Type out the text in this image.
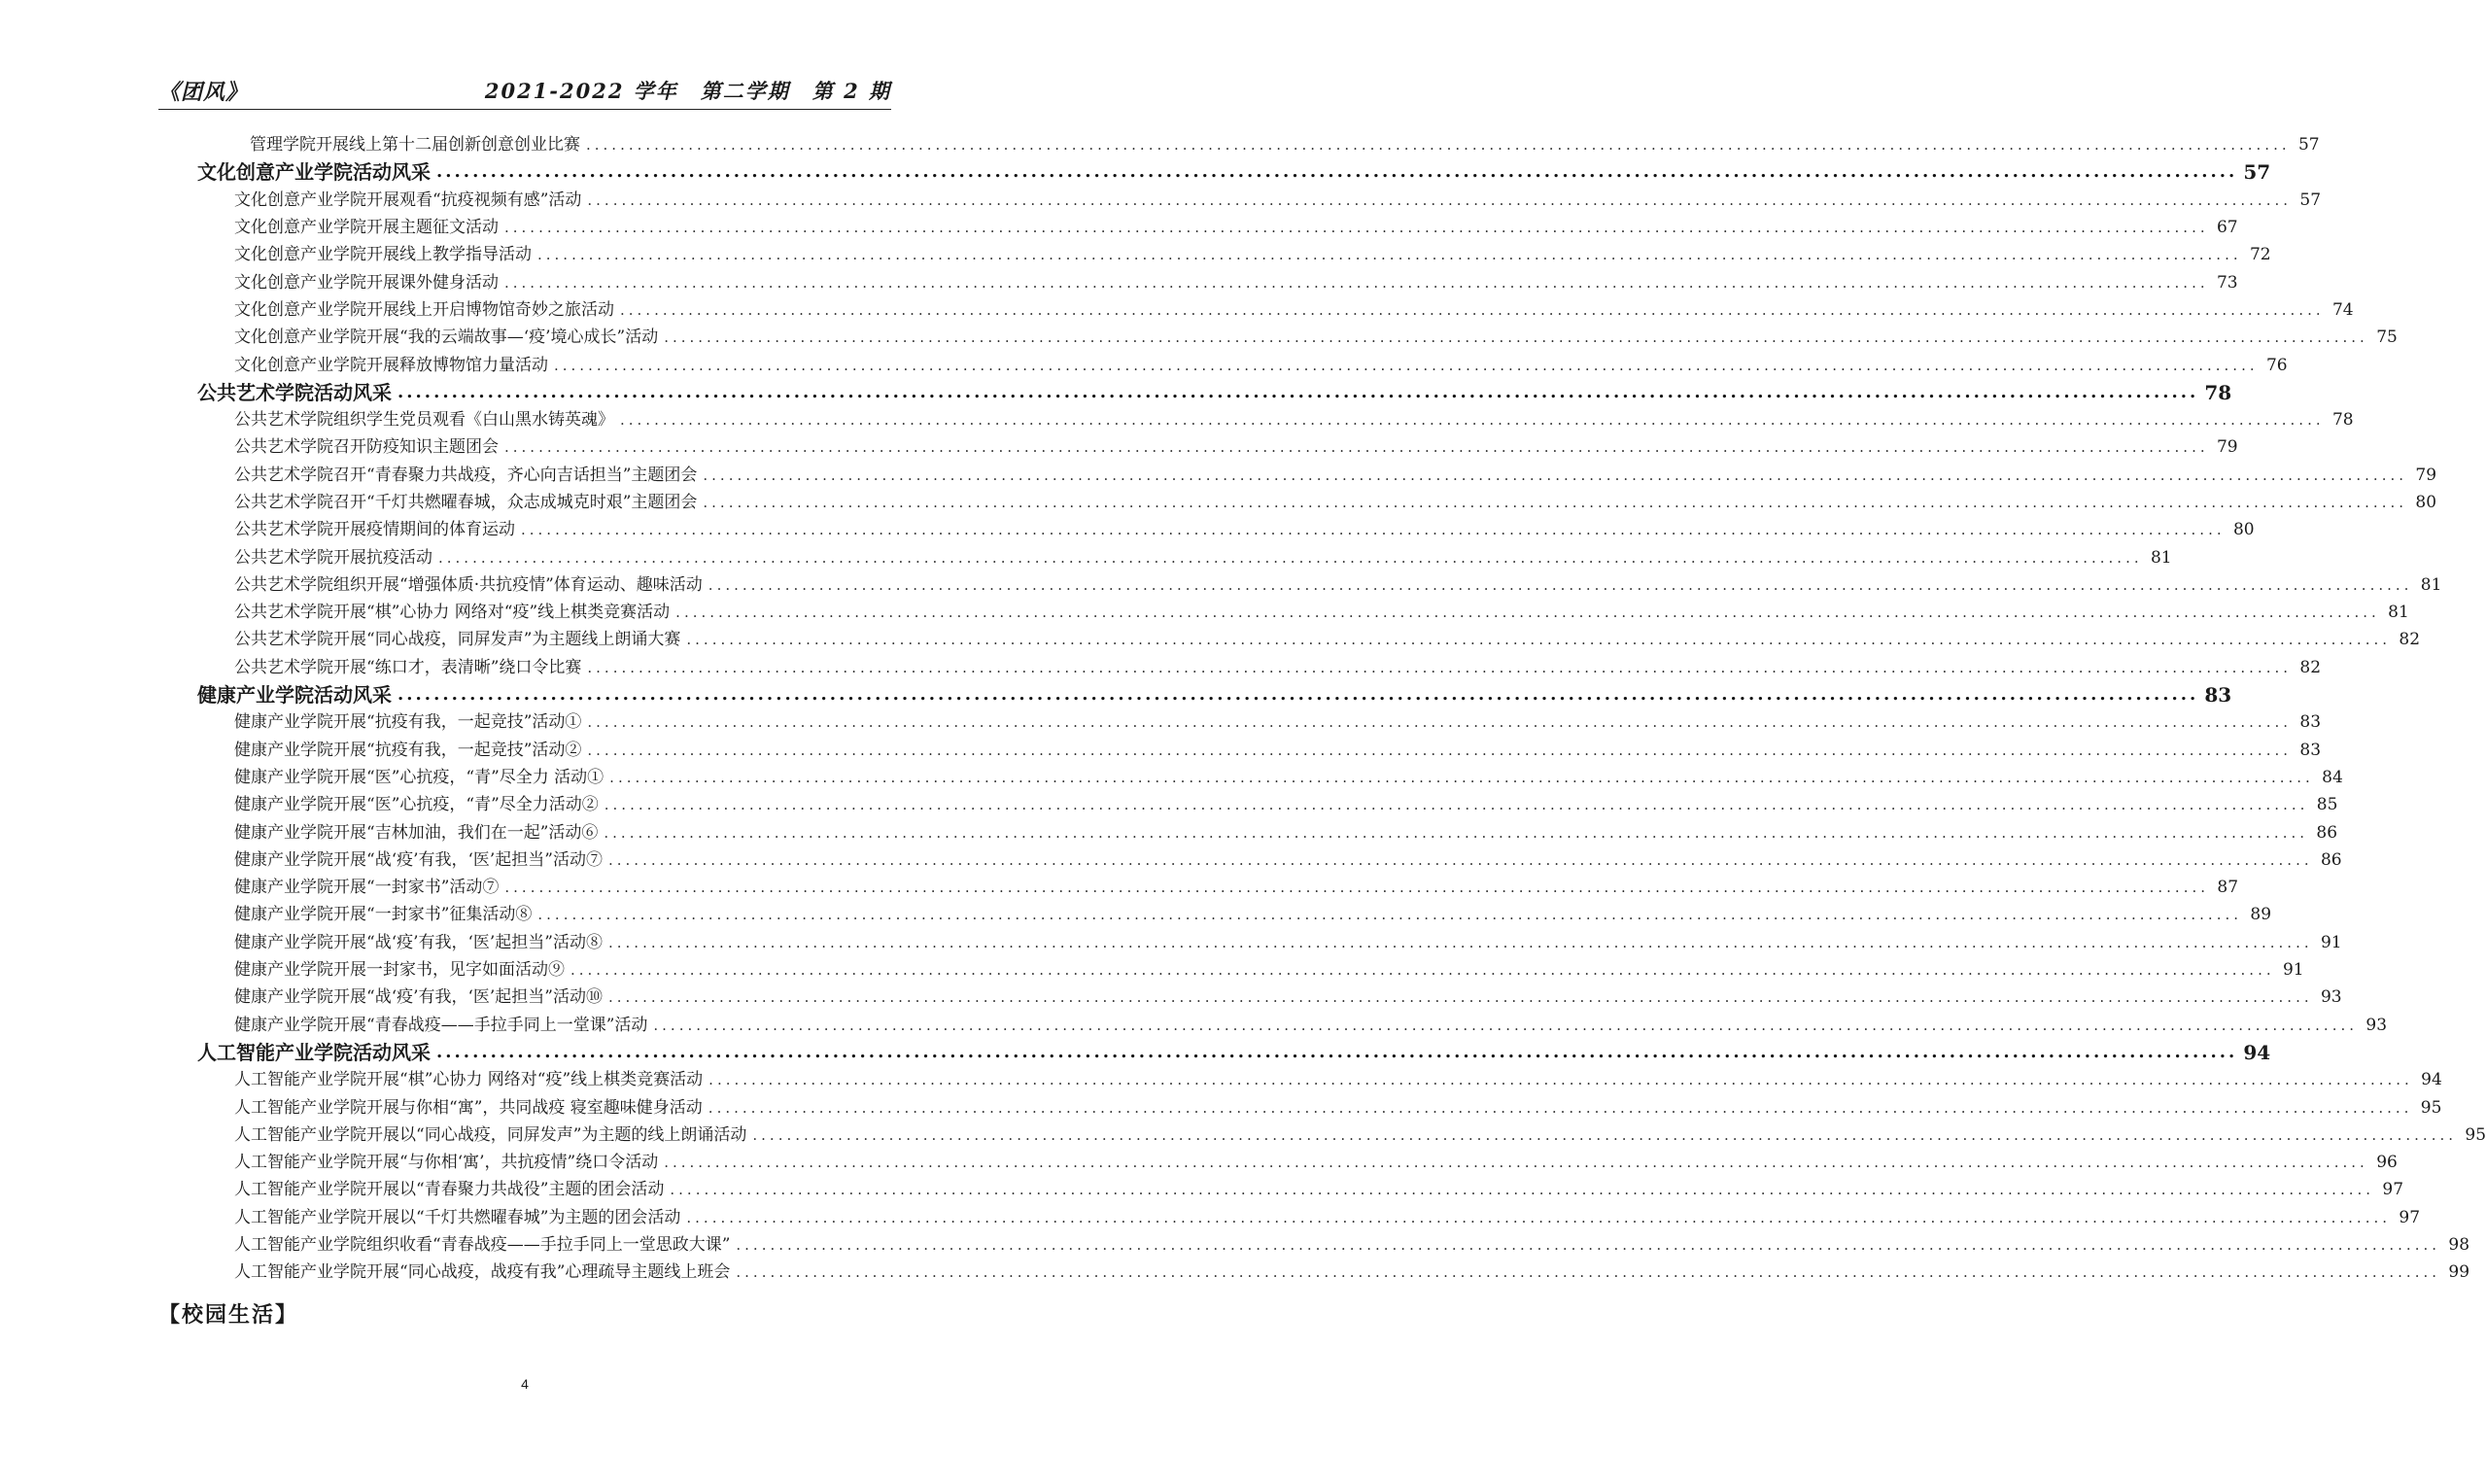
《团风》	2021-2022 学年　第二学期　第 2 期
管理学院开展线上第十二届创新创意创业比赛 ........................................................................................................................................................................................................ 57
文化创意产业学院活动风采 ........................................................................................................................................................................................................ 57
文化创意产业学院开展观看“抗疫视频有感”活动 ........................................................................................................................................................................................................ 57
文化创意产业学院开展主题征文活动 ........................................................................................................................................................................................................ 67
文化创意产业学院开展线上教学指导活动 ........................................................................................................................................................................................................ 72
文化创意产业学院开展课外健身活动 ........................................................................................................................................................................................................ 73
文化创意产业学院开展线上开启博物馆奇妙之旅活动 ........................................................................................................................................................................................................ 74
文化创意产业学院开展“我的云端故事—‘疫’境心成长”活动 ........................................................................................................................................................................................................ 75
文化创意产业学院开展释放博物馆力量活动 ........................................................................................................................................................................................................ 76
公共艺术学院活动风采 ........................................................................................................................................................................................................ 78
公共艺术学院组织学生党员观看《白山黑水铸英魂》 ........................................................................................................................................................................................................ 78
公共艺术学院召开防疫知识主题团会 ........................................................................................................................................................................................................ 79
公共艺术学院召开“青春聚力共战疫，齐心向吉话担当”主题团会 ........................................................................................................................................................................................................ 79
公共艺术学院召开“千灯共燃曜春城，众志成城克时艰”主题团会 ........................................................................................................................................................................................................ 80
公共艺术学院开展疫情期间的体育运动 ........................................................................................................................................................................................................ 80
公共艺术学院开展抗疫活动 ........................................................................................................................................................................................................ 81
公共艺术学院组织开展“增强体质·共抗疫情”体育运动、趣味活动 ........................................................................................................................................................................................................ 81
公共艺术学院开展“棋”心协力 网络对“疫”线上棋类竞赛活动 ........................................................................................................................................................................................................ 81
公共艺术学院开展“同心战疫，同屏发声”为主题线上朗诵大赛 ........................................................................................................................................................................................................ 82
公共艺术学院开展“练口才，表清晰”绕口令比赛 ........................................................................................................................................................................................................ 82
健康产业学院活动风采 ........................................................................................................................................................................................................ 83
健康产业学院开展“抗疫有我，一起竞技”活动① ........................................................................................................................................................................................................ 83
健康产业学院开展“抗疫有我，一起竞技”活动② ........................................................................................................................................................................................................ 83
健康产业学院开展“医”心抗疫，“青”尽全力 活动① ........................................................................................................................................................................................................ 84
健康产业学院开展“医”心抗疫，“青”尽全力活动② ........................................................................................................................................................................................................ 85
健康产业学院开展“吉林加油，我们在一起”活动⑥ ........................................................................................................................................................................................................ 86
健康产业学院开展“战‘疫’有我，‘医’起担当”活动⑦ ........................................................................................................................................................................................................ 86
健康产业学院开展“一封家书”活动⑦ ........................................................................................................................................................................................................ 87
健康产业学院开展“一封家书”征集活动⑧ ........................................................................................................................................................................................................ 89
健康产业学院开展“战‘疫’有我，‘医’起担当”活动⑧ ........................................................................................................................................................................................................ 91
健康产业学院开展一封家书，见字如面活动⑨ ........................................................................................................................................................................................................ 91
健康产业学院开展“战‘疫’有我，‘医’起担当”活动⑩ ........................................................................................................................................................................................................ 93
健康产业学院开展“青春战疫——手拉手同上一堂课”活动 ........................................................................................................................................................................................................ 93
人工智能产业学院活动风采 ........................................................................................................................................................................................................ 94
人工智能产业学院开展“棋”心协力 网络对“疫”线上棋类竞赛活动 ........................................................................................................................................................................................................ 94
人工智能产业学院开展与你相“寓”，共同战疫 寝室趣味健身活动 ........................................................................................................................................................................................................ 95
人工智能产业学院开展以“同心战疫，同屏发声”为主题的线上朗诵活动 ........................................................................................................................................................................................................ 95
人工智能产业学院开展“与你相‘寓’，共抗疫情”绕口令活动 ........................................................................................................................................................................................................ 96
人工智能产业学院开展以“青春聚力共战役”主题的团会活动 ........................................................................................................................................................................................................ 97
人工智能产业学院开展以“千灯共燃曜春城”为主题的团会活动 ........................................................................................................................................................................................................ 97
人工智能产业学院组织收看“青春战疫——手拉手同上一堂思政大课” ........................................................................................................................................................................................................ 98
人工智能产业学院开展“同心战疫，战疫有我”心理疏导主题线上班会 ........................................................................................................................................................................................................ 99
【校园生活】
4
